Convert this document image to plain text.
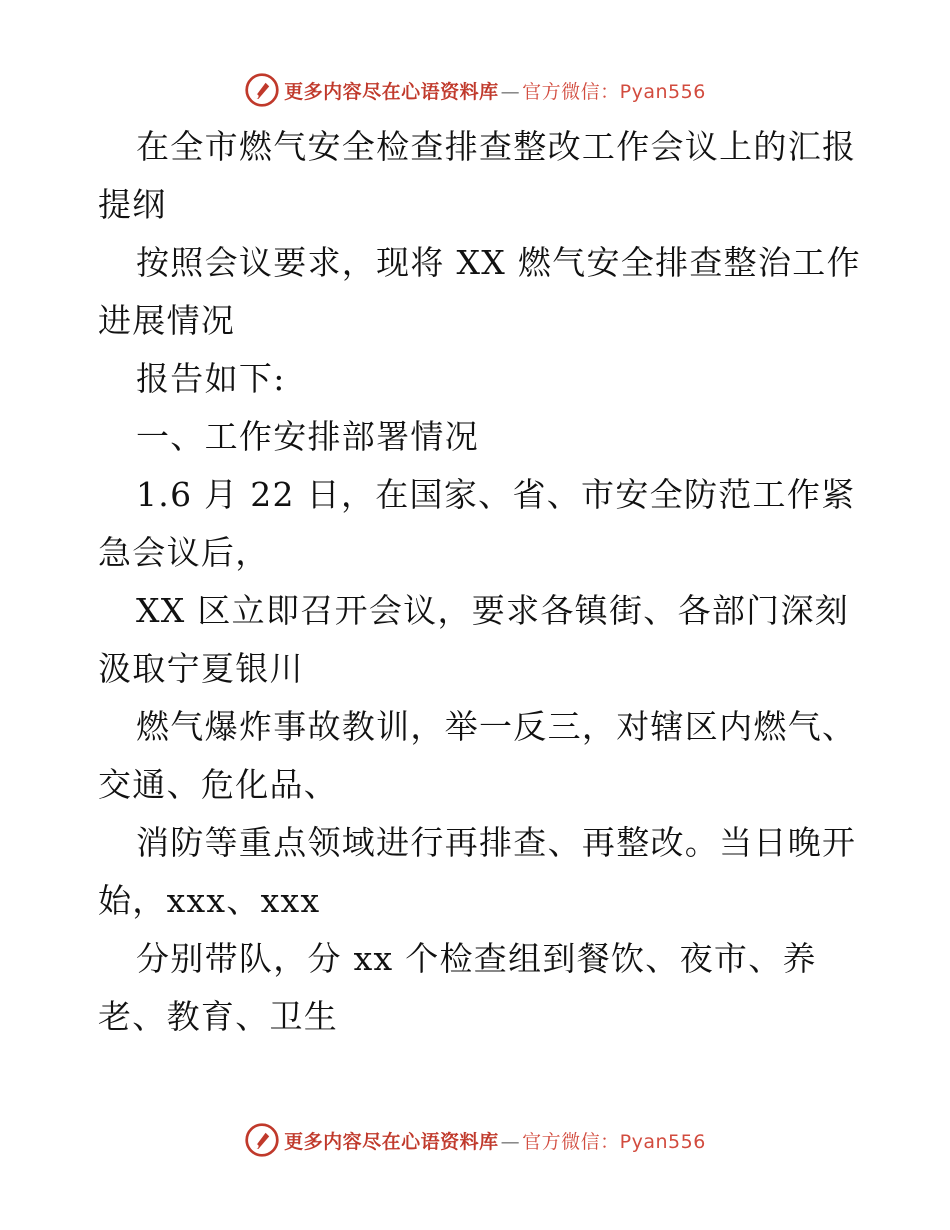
更多内容尽在心语资料库 — 官方微信：Pyan556

在全市燃气安全检查排查整改工作会议上的汇报
提纲

按照会议要求，现将 XX 燃气安全排查整治工作
进展情况

报告如下:

一、工作安排部署情况

1.6 月 22 日，在国家、省、市安全防范工作紧
急会议后，

XX 区立即召开会议，要求各镇街、各部门深刻
汲取宁夏银川

燃气爆炸事故教训，举一反三，对辖区内燃气、
交通、危化品、

消防等重点领域进行再排查、再整改。当日晚开
始，xxx、xxx

分别带队，分 xx 个检查组到餐饮、夜市、养
老、教育、卫生

更多内容尽在心语资料库 — 官方微信：Pyan556
